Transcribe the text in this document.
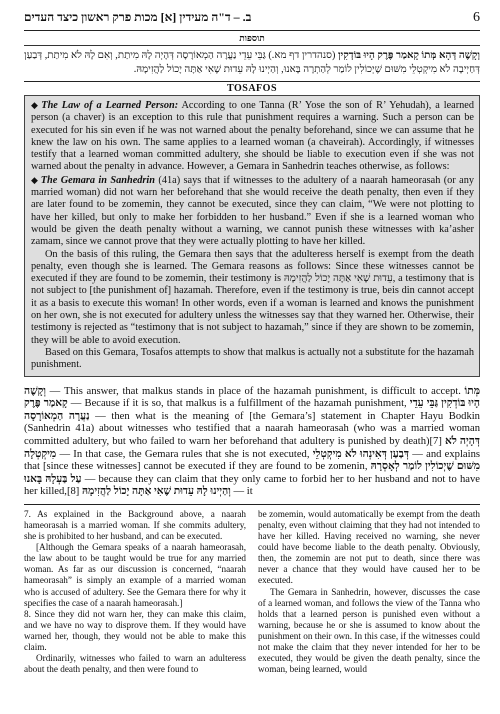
ב. – ד"ה מעידין [א] מכות פרק ראשון כיצד העדים	6
תוספות
וְקָשֶׁה דְּהָא מְּתוֹ קָאמַר פֶּרֶק הָיוּ בּוֹדְקִין (סנהדרין דף מא.) גַּבֵּי עֵדֵי נַעֲרָה הַמְאוֹרָסָה דְּהָיְה לָהּ מִיתַת, וְאִם לָהּ לֹא מִיתַת, דְּבַעַן דְּחַיְיבָה לֹא מִיקְטְלֵי מִשּׁוּם שֶׁיְכוֹלִין לוֹמַר לְהַתְרָה בָּאנוּ, וְהַיְינוּ לָהּ עֵדוּת שֶׁאִי אַתָּה יָכוֹל לַהֲזִימָהּ.
TOSAFOS

◆ The Law of a Learned Person: According to one Tanna (R’ Yose the son of R’ Yehudah), a learned person (a chaver) is an exception to this rule that punishment requires a warning. Such a person can be executed for his sin even if he was not warned about the penalty beforehand, since we can assume that he knew the law on his own. The same applies to a learned woman (a chaveirah). Accordingly, if witnesses testify that a learned woman committed adultery, she should be liable to execution even if she was not warned about the penalty in advance. However, a Gemara in Sanhedrin teaches otherwise, as follows:

◆ The Gemara in Sanhedrin (41a) says that if witnesses to the adultery of a naarah hameorasah (or any married woman) did not warn her beforehand that she would receive the death penalty, then even if they are later found to be zomemin, they cannot be executed, since they can claim, “We were not plotting to have her killed, but only to make her forbidden to her husband.” Even if she is a learned woman who would be given the death penalty without a warning, we cannot punish these witnesses with ka’asher zamam, since we cannot prove that they were actually plotting to have her killed.

On the basis of this ruling, the Gemara then says that the adulteress herself is exempt from the death penalty, even though she is learned. The Gemara reasons as follows: Since these witnesses cannot be executed if they are found to be zomemin, their testimony is עֵדוּת שֶׁאִי אַתָּה יָכוֹל לַהֲזִימָהּ, a testimony that is not subject to [the punishment of] hazamah. Therefore, even if the testimony is true, beis din cannot accept it as a basis to execute this woman! In other words, even if a woman is learned and knows the punishment on her own, she is not executed for adultery unless the witnesses say that they warned her. Otherwise, their testimony is rejected as “testimony that is not subject to hazamah,” since if they are shown to be zomemin, they will be able to avoid execution.

Based on this Gemara, Tosafos attempts to show that malkus is actually not a substitute for the hazamah punishment.

וְקָשֶׁה — This answer, that malkus stands in place of the hazamah punishment, is difficult to accept. מְּתוֹ קָאמַר פֶּרֶק — Because if it is so, that malkus is a fulfillment of the hazamah punishment, הָיוּ בּוֹדְקִין גַּבֵּי עֵדֵי נַעֲרָה הַמְאוֹרָסָה — then what is the meaning of [the Gemara’s] statement in Chapter Hayu Bodkin (Sanhedrin 41a) about witnesses who testified that a naarah hameorasah (who was a married woman committed adultery, but who failed to warn her beforehand that adultery is punished by death)[7] דְּהָיְה לֹא מִיקְטְלָה — In that case, the Gemara rules that she is not executed, דְּבַעַן דְּאִינְהוּ לֹא מִיקְטְלֵי — and explains that [since these witnesses] cannot be executed if they are found to be zomenin, מִשּׁוּם שֶׁיְכוֹלִין לוֹמַר לְאָסְרָהּ עַל בַּעְלָהּ בָּאנוּ — because they can claim that they only came to forbid her to her husband and not to have her killed,[8] וְהַיְינוּ לָהּ עֵדוּת שֶׁאִי אַתָּה יָכוֹל לַהֲזִימָהּ — it

7. As explained in the Background above, a naarah hameorasah is a married woman. If she commits adultery, she is prohibited to her husband, and can be executed.

[Although the Gemara speaks of a naarah hameorasah, the law about to be taught would be true for any married woman. As far as our discussion is concerned, “naarah hameorasah” is simply an example of a married woman who is accused of adultery. See the Gemara there for why it specifies the case of a naarah hameorasah.]

8. Since they did not warn her, they can make this claim, and we have no way to disprove them. If they would have warned her, though, they would not be able to make this claim.

Ordinarily, witnesses who failed to warn an adulteress about the death penalty, and then were found to

be zomemin, would automatically be exempt from the death penalty, even without claiming that they had not intended to have her killed. Having received no warning, she never could have become liable to the death penalty. Obviously, then, the zomemin are not put to death, since there was never a chance that they would have caused her to be executed.

The Gemara in Sanhedrin, however, discusses the case of a learned woman, and follows the view of the Tanna who holds that a learned person is punished even without a warning, because he or she is assumed to know about the punishment on their own. In this case, if the witnesses could not make the claim that they never intended for her to be executed, they would be given the death penalty, since the woman, being learned, would
